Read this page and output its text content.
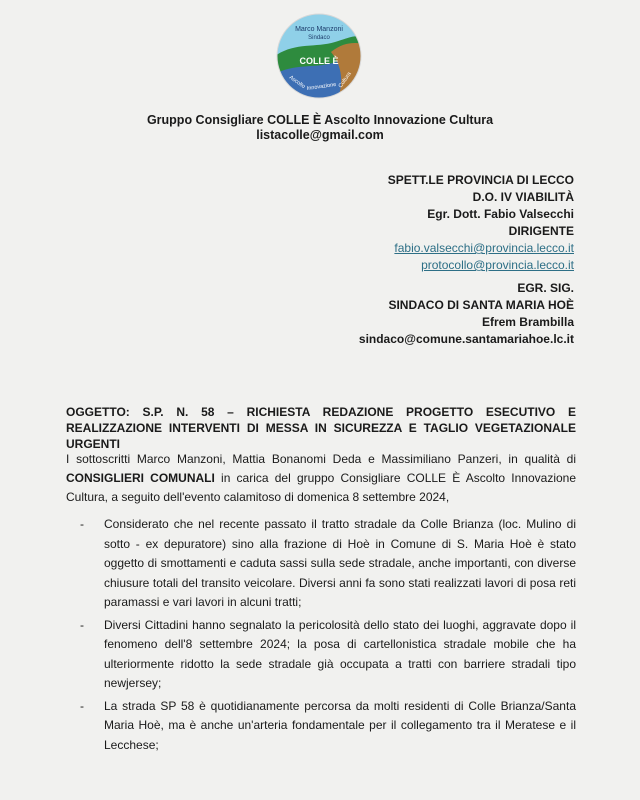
Marco Manzoni
Sindaco
COLLE È
Ascolto Innovazione Cultura
Gruppo Consigliare COLLE È Ascolto Innovazione Cultura
listacolle@gmail.com
SPETT.LE PROVINCIA DI LECCO
D.O. IV VIABILITÀ
Egr. Dott. Fabio Valsecchi
DIRIGENTE
fabio.valsecchi@provincia.lecco.it
protocollo@provincia.lecco.it
EGR. SIG.
SINDACO DI SANTA MARIA HOÈ
Efrem Brambilla
sindaco@comune.santamariahoe.lc.it
OGGETTO: S.P. N. 58 – RICHIESTA REDAZIONE PROGETTO ESECUTIVO E REALIZZAZIONE INTERVENTI DI MESSA IN SICUREZZA E TAGLIO VEGETAZIONALE URGENTI
I sottoscritti Marco Manzoni, Mattia Bonanomi Deda e Massimiliano Panzeri, in qualità di CONSIGLIERI COMUNALI in carica del gruppo Consigliare COLLE È Ascolto Innovazione Cultura, a seguito dell'evento calamitoso di domenica 8 settembre 2024,
- Considerato che nel recente passato il tratto stradale da Colle Brianza (loc. Mulino di sotto - ex depuratore) sino alla frazione di Hoè in Comune di S. Maria Hoè è stato oggetto di smottamenti e caduta sassi sulla sede stradale, anche importanti, con diverse chiusure totali del transito veicolare. Diversi anni fa sono stati realizzati lavori di posa reti paramassi e vari lavori in alcuni tratti;
- Diversi Cittadini hanno segnalato la pericolosità dello stato dei luoghi, aggravate dopo il fenomeno dell'8 settembre 2024; la posa di cartellonistica stradale mobile che ha ulteriormente ridotto la sede stradale già occupata a tratti con barriere stradali tipo newjersey;
- La strada SP 58 è quotidianamente percorsa da molti residenti di Colle Brianza/Santa Maria Hoè, ma è anche un'arteria fondamentale per il collegamento tra il Meratese e il Lecchese;
